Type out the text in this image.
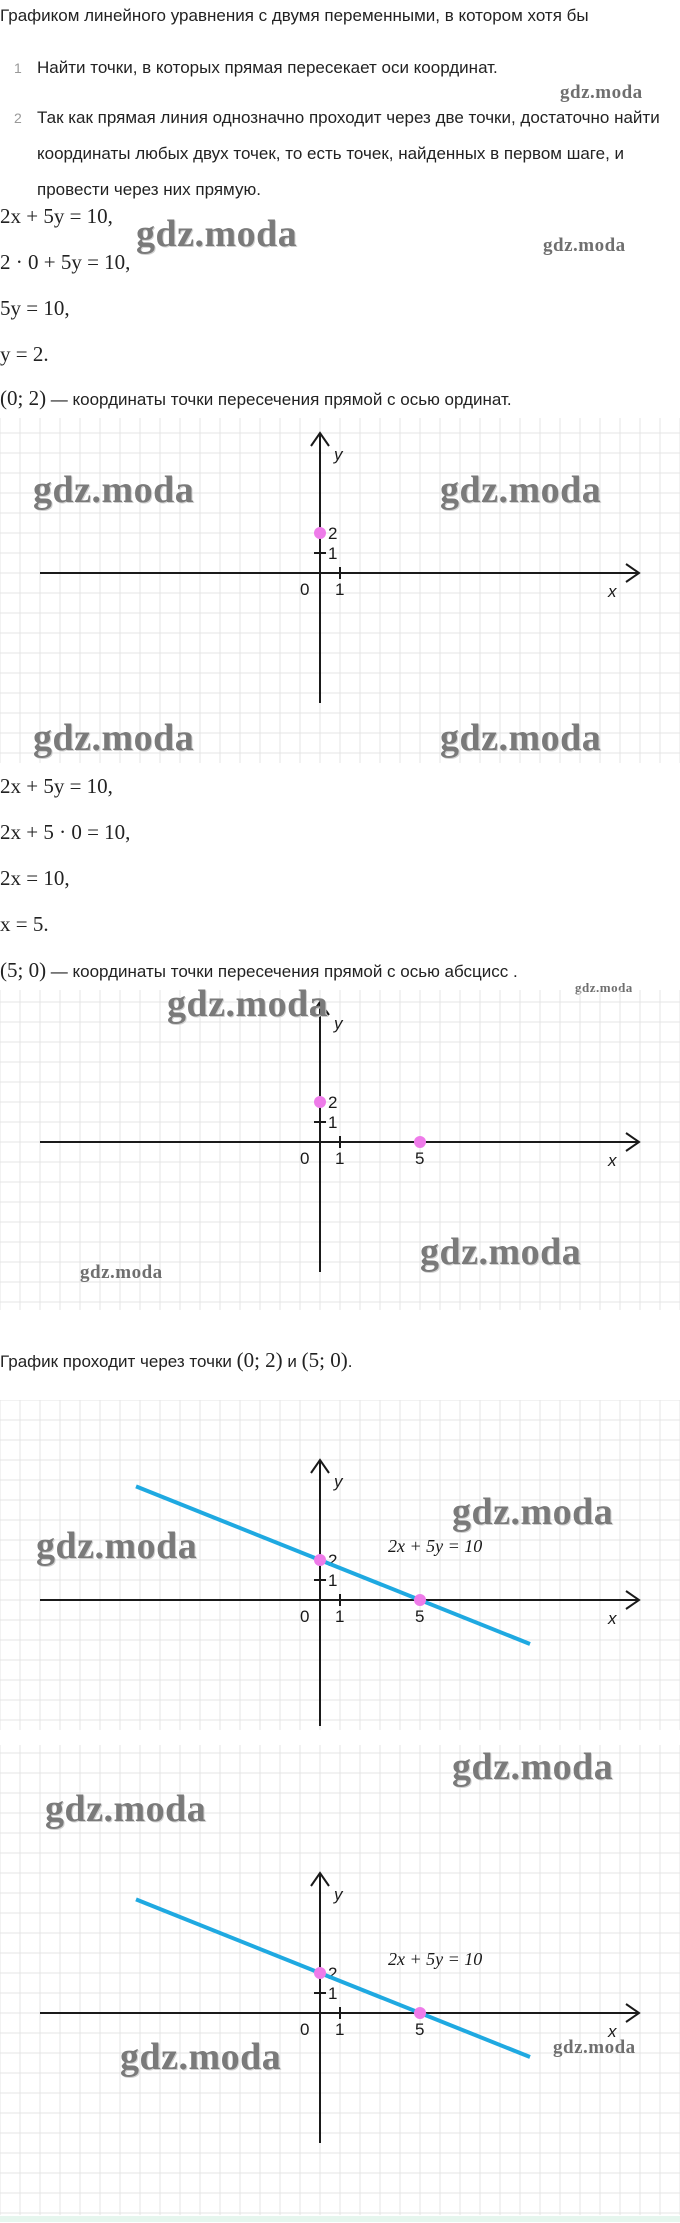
Графиком линейного уравнения с двумя переменными, в котором хотя бы
1 Найти точки, в которых прямая пересекает оси координат.
2 Так как прямая линия однозначно проходит через две точки, достаточно найти координаты любых двух точек, то есть точек, найденных в первом шаге, и провести через них прямую.
gdz.moda
2x + 5y = 10,
2 · 0 + 5y = 10,
5y = 10,
y = 2.
gdz.moda	gdz.moda
(0; 2) — координаты точки пересечения прямой с осью ординат.
0 1
1
2
y
x
gdz.moda	gdz.moda
gdz.moda	gdz.moda
2x + 5y = 10,
2x + 5 · 0 = 10,
2x = 10,
x = 5.
(5; 0) — координаты точки пересечения прямой с осью абсцисс .
gdz.moda
0 1
1
2
y
x
5
gdz.moda
gdz.moda
gdz.moda
График проходит через точки (0; 2) и (5; 0).
0 1
1
2
y
x
5
2x + 5y = 10
gdz.moda
gdz.moda
0 1
1
2
y
x
5
2x + 5y = 10
gdz.moda
gdz.moda
gdz.moda	gdz.moda
